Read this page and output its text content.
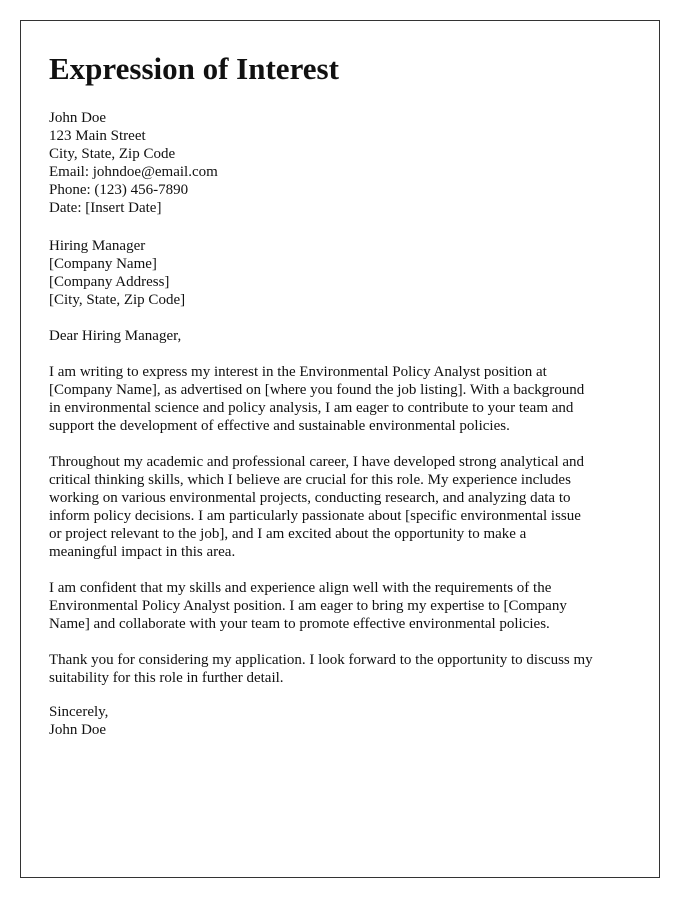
Expression of Interest
John Doe
123 Main Street
City, State, Zip Code
Email: johndoe@email.com
Phone: (123) 456-7890
Date: [Insert Date]
Hiring Manager
[Company Name]
[Company Address]
[City, State, Zip Code]
Dear Hiring Manager,
I am writing to express my interest in the Environmental Policy Analyst position at
[Company Name], as advertised on [where you found the job listing]. With a background
in environmental science and policy analysis, I am eager to contribute to your team and
support the development of effective and sustainable environmental policies.
Throughout my academic and professional career, I have developed strong analytical and
critical thinking skills, which I believe are crucial for this role. My experience includes
working on various environmental projects, conducting research, and analyzing data to
inform policy decisions. I am particularly passionate about [specific environmental issue
or project relevant to the job], and I am excited about the opportunity to make a
meaningful impact in this area.
I am confident that my skills and experience align well with the requirements of the
Environmental Policy Analyst position. I am eager to bring my expertise to [Company
Name] and collaborate with your team to promote effective environmental policies.
Thank you for considering my application. I look forward to the opportunity to discuss my
suitability for this role in further detail.
Sincerely,
John Doe
